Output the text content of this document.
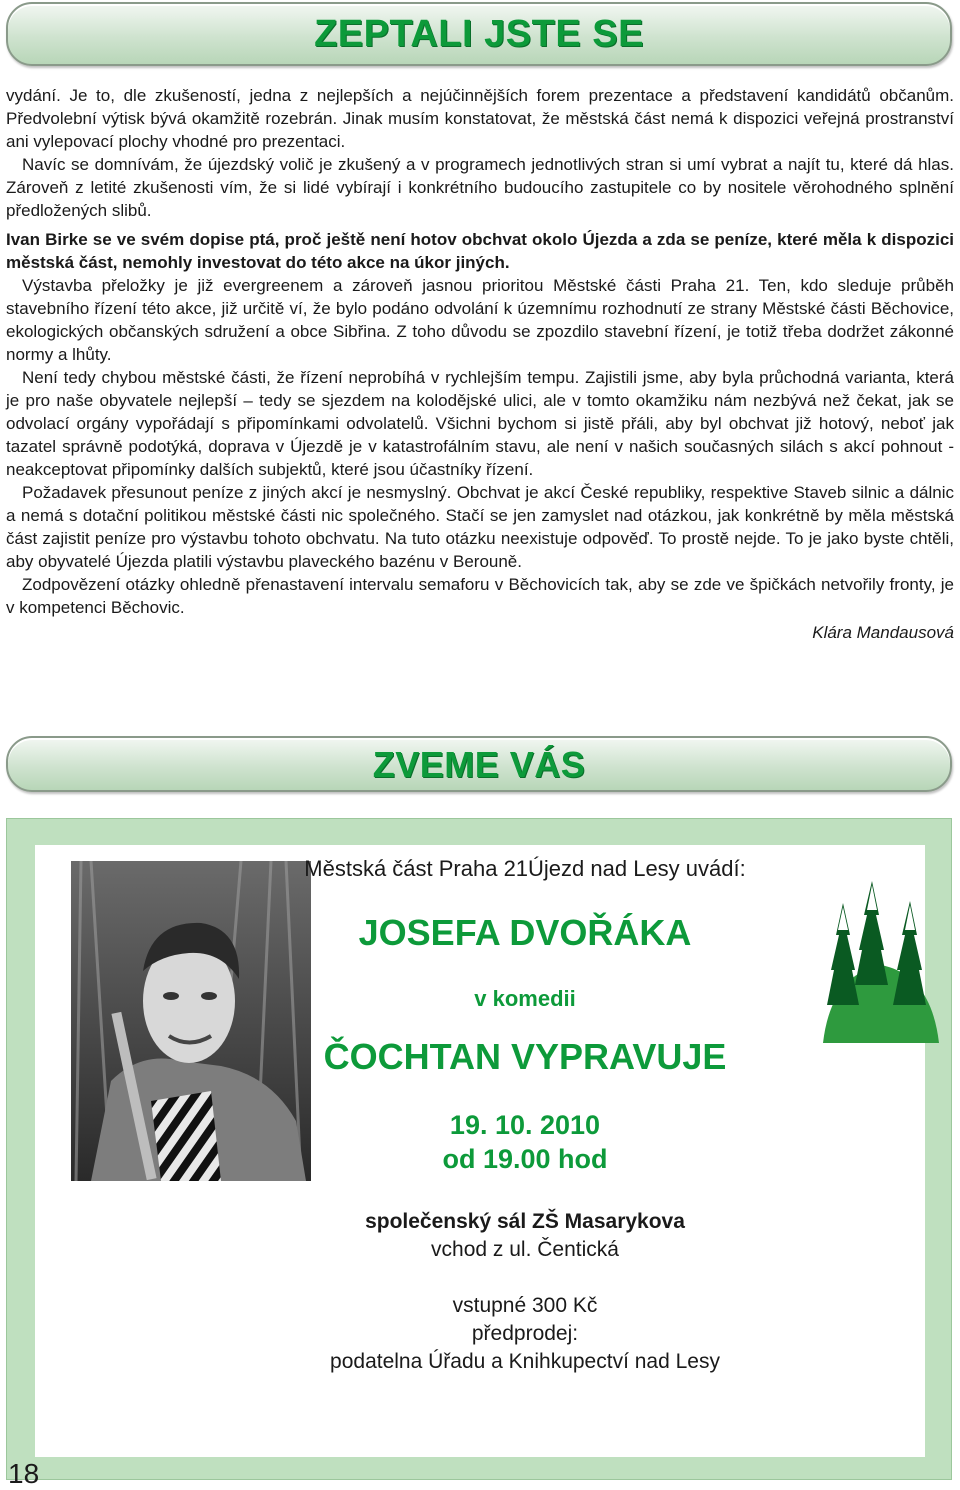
ZEPTALI JSTE SE

vydání. Je to, dle zkušeností, jedna z nejlepších a nejúčinnějších forem prezentace a představení kandidátů občanům. Předvolební výtisk bývá okamžitě rozebrán. Jinak musím konstatovat, že městská část nemá k dispozici veřejná prostranství ani vylepovací plochy vhodné pro prezentaci.

Navíc se domnívám, že újezdský volič je zkušený a v programech jednotlivých stran si umí vybrat a najít tu, které dá hlas. Zároveň z letité zkušenosti vím, že si lidé vybírají i konkrétního budoucího zastupitele co by nositele věrohodného splnění předložených slibů.

Ivan Birke se ve svém dopise ptá, proč ještě není hotov obchvat okolo Újezda a zda se peníze, které měla k dispozici městská část, nemohly investovat do této akce na úkor jiných.

Výstavba přeložky je již evergreenem a zároveň jasnou prioritou Městské části Praha 21. Ten, kdo sleduje průběh stavebního řízení této akce, již určitě ví, že bylo podáno odvolání k územnímu rozhodnutí ze strany Městské části Běchovice, ekologických občanských sdružení a obce Sibřina. Z toho důvodu se zpozdilo stavební řízení, je totiž třeba dodržet zákonné normy a lhůty.

Není tedy chybou městské části, že řízení neprobíhá v rychlejším tempu. Zajistili jsme, aby byla průchodná varianta, která je pro naše obyvatele nejlepší – tedy se sjezdem na kolodějské ulici, ale v tomto okamžiku nám nezbývá než čekat, jak se odvolací orgány vypořádají s připomínkami odvolatelů. Všichni bychom si jistě přáli, aby byl obchvat již hotový, neboť jak tazatel správně podotýká, doprava v Újezdě je v katastrofálním stavu, ale není v našich současných silách s akcí pohnout - neakceptovat připomínky dalších subjektů, které jsou účastníky řízení.

Požadavek přesunout peníze z jiných akcí je nesmyslný. Obchvat je akcí České republiky, respektive Staveb silnic a dálnic a nemá s dotační politikou městské části nic společného. Stačí se jen zamyslet nad otázkou, jak konkrétně by měla městská část zajistit peníze pro výstavbu tohoto obchvatu. Na tuto otázku neexistuje odpověď. To prostě nejde. To je jako byste chtěli, aby obyvatelé Újezda platili výstavbu plaveckého bazénu v Berouně.

Zodpovězení otázky ohledně přenastavení intervalu semaforu v Běchovicích tak, aby se zde ve špičkách netvořily fronty, je v kompetenci Běchovic.

Klára Mandausová

ZVEME VÁS
Městská část Praha 21Újezd nad Lesy uvádí:
JOSEFA DVOŘÁKA
v komedii
ČOCHTAN VYPRAVUJE
19. 10. 2010
od 19.00 hod
společenský sál ZŠ Masarykova
vchod z ul. Čentická
vstupné 300 Kč
předprodej:
podatelna Úřadu a Knihkupectví nad Lesy
18
